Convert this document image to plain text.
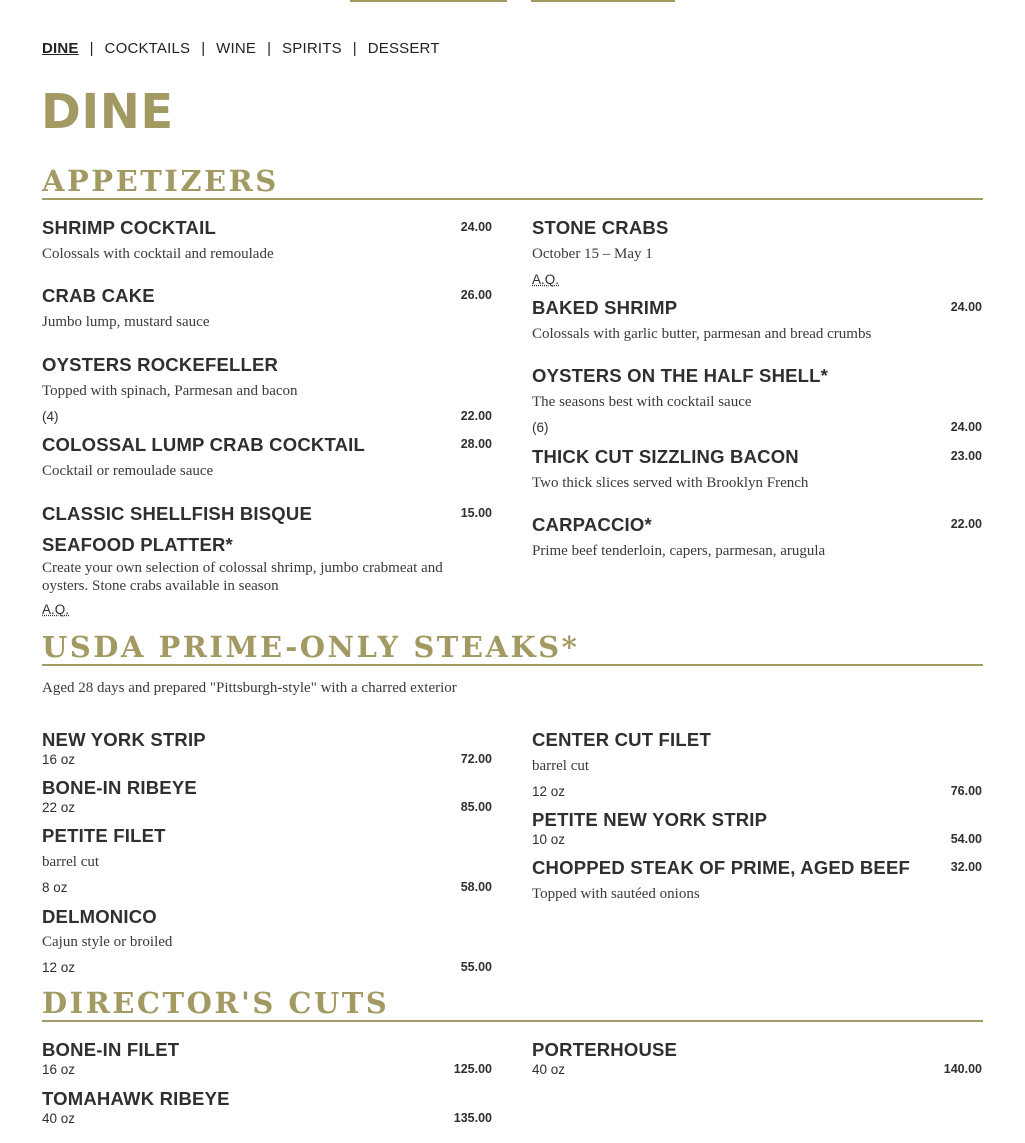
DINE | COCKTAILS | WINE | SPIRITS | DESSERT
DINE
APPETIZERS
SHRIMP COCKTAIL	24.00

Colossals with cocktail and remoulade

CRAB CAKE	26.00

Jumbo lump, mustard sauce

OYSTERS ROCKEFELLER

Topped with spinach, Parmesan and bacon

(4)	22.00
COLOSSAL LUMP CRAB COCKTAIL	28.00

Cocktail or remoulade sauce

CLASSIC SHELLFISH BISQUE	15.00
SEAFOOD PLATTER*

Create your own selection of colossal shrimp, jumbo crabmeat and oysters. Stone crabs available in season

A.Q.
STONE CRABS

October 15 – May 1

A.Q.
BAKED SHRIMP	24.00

Colossals with garlic butter, parmesan and bread crumbs

OYSTERS ON THE HALF SHELL*

The seasons best with cocktail sauce

(6)	24.00
THICK CUT SIZZLING BACON	23.00

Two thick slices served with Brooklyn French

CARPACCIO*	22.00

Prime beef tenderloin, capers, parmesan, arugula

USDA PRIME-ONLY STEAKS*

Aged 28 days and prepared "Pittsburgh-style" with a charred exterior

NEW YORK STRIP
16 oz	72.00
BONE-IN RIBEYE
22 oz	85.00
PETITE FILET

barrel cut

8 oz	58.00
DELMONICO

Cajun style or broiled

12 oz	55.00
CENTER CUT FILET

barrel cut

12 oz	76.00
PETITE NEW YORK STRIP
10 oz	54.00
CHOPPED STEAK OF PRIME, AGED BEEF	32.00

Topped with sautéed onions

DIRECTOR'S CUTS
BONE-IN FILET
16 oz	125.00
TOMAHAWK RIBEYE
40 oz	135.00
PORTERHOUSE
40 oz	140.00
